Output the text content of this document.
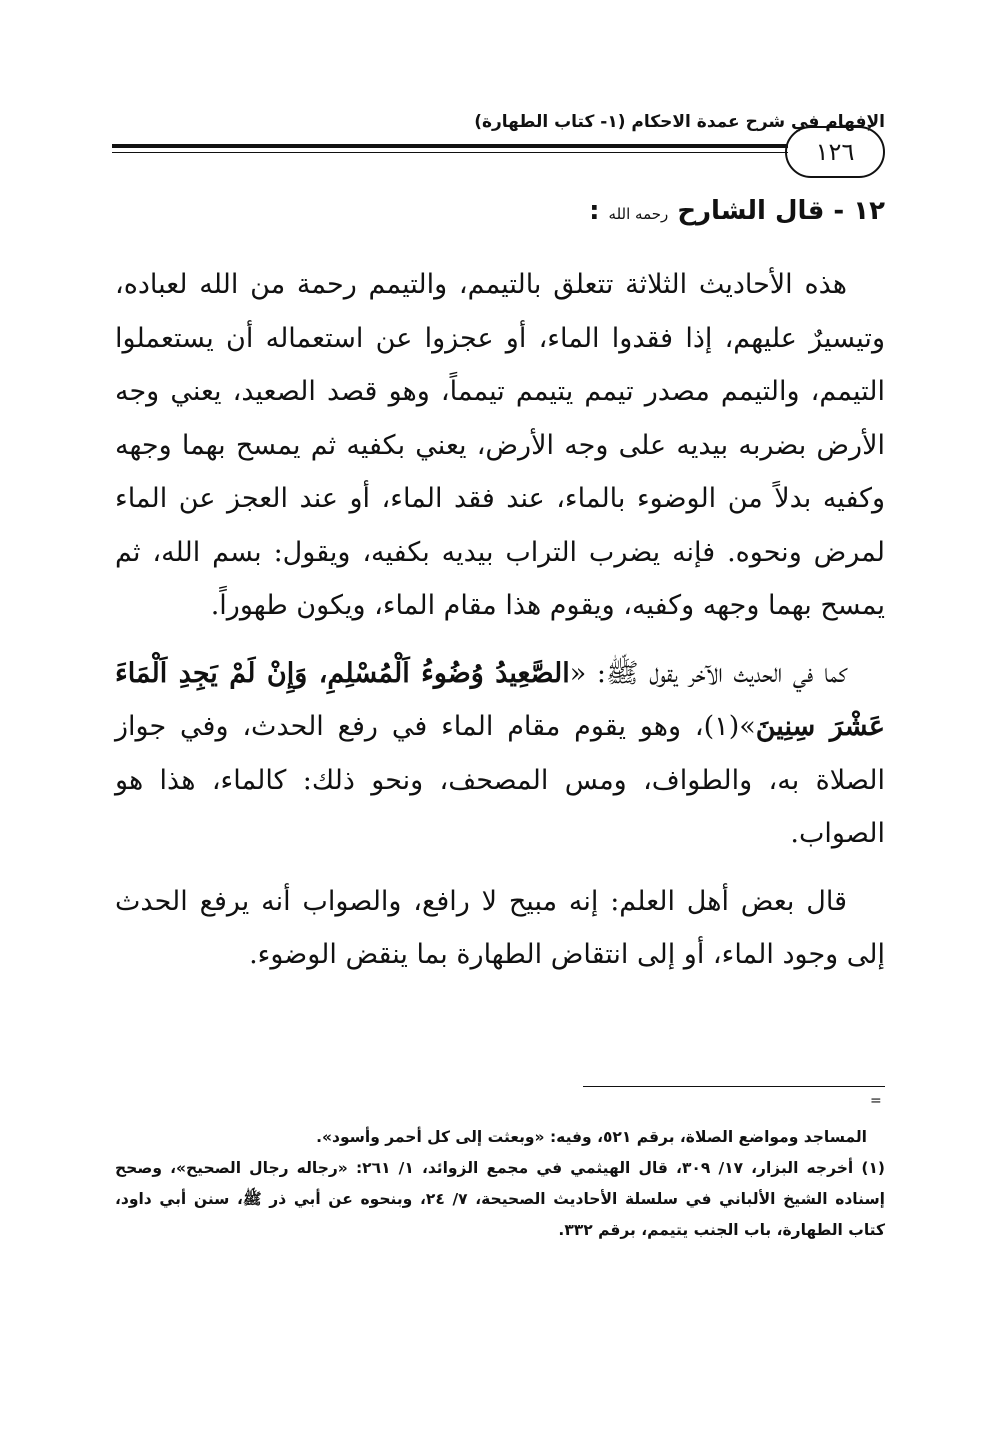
الإفهام في شرح عمدة الاحكام (١- كتاب الطهارة)
١٢٦
١٢ - قال الشارح رحمه الله :

هذه الأحاديث الثلاثة تتعلق بالتيمم، والتيمم رحمة من الله لعباده، وتيسيرٌ عليهم، إذا فقدوا الماء، أو عجزوا عن استعماله أن يستعملوا التيمم، والتيمم مصدر تيمم يتيمم تيمماً، وهو قصد الصعيد، يعني وجه الأرض بضربه بيديه على وجه الأرض، يعني بكفيه ثم يمسح بهما وجهه وكفيه بدلاً من الوضوء بالماء، عند فقد الماء، أو عند العجز عن الماء لمرض ونحوه. فإنه يضرب التراب بيديه بكفيه، ويقول: بسم الله، ثم يمسح بهما وجهه وكفيه، ويقوم هذا مقام الماء، ويكون طهوراً.

كما في الحديث الآخر يقول ﷺ: «الصَّعِيدُ وُضُوءُ اَلْمُسْلِمِ، وَإِنْ لَمْ يَجِدِ اَلْمَاءَ عَشْرَ سِنِينَ»(١)، وهو يقوم مقام الماء في رفع الحدث، وفي جواز الصلاة به، والطواف، ومس المصحف، ونحو ذلك: كالماء، هذا هو الصواب.

قال بعض أهل العلم: إنه مبيح لا رافع، والصواب أنه يرفع الحدث إلى وجود الماء، أو إلى انتقاض الطهارة بما ينقض الوضوء.

=

المساجد ومواضع الصلاة، برقم ٥٢١، وفيه: «وبعثت إلى كل أحمر وأسود».

(١) أخرجه البزار، ١٧/ ٣٠٩، قال الهيثمي في مجمع الزوائد، ١/ ٢٦١: «رجاله رجال الصحيح»، وصحح إسناده الشيخ الألباني في سلسلة الأحاديث الصحيحة، ٧/ ٢٤، وبنحوه عن أبي ذر ﷺ، سنن أبي داود، كتاب الطهارة، باب الجنب يتيمم، برقم ٣٣٢.
